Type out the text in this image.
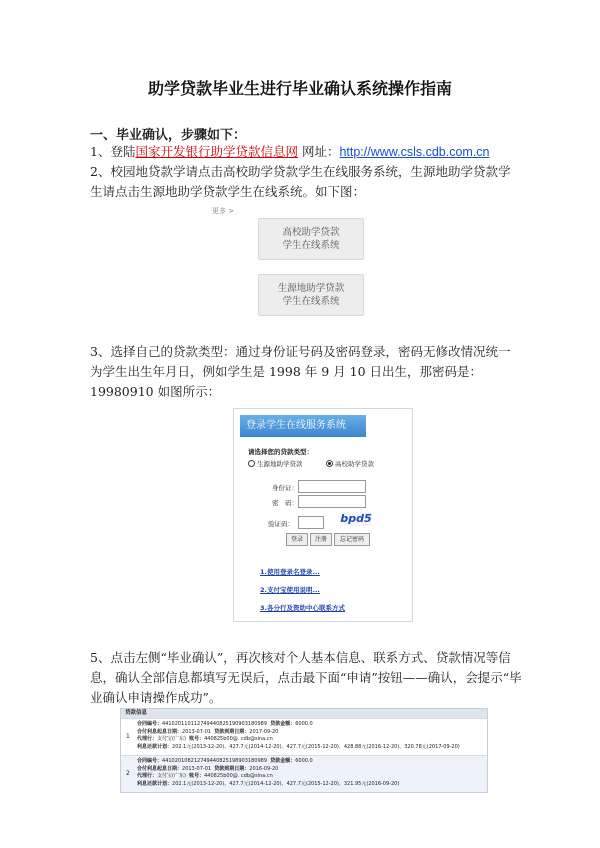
助学贷款毕业生进行毕业确认系统操作指南
一、毕业确认，步骤如下：
1、登陆国家开发银行助学贷款信息网 网址：http://www.csls.cdb.com.cn
2、校园地贷款学请点击高校助学贷款学生在线服务系统，生源地助学贷款学生请点击生源地助学贷款学生在线系统。如下图：
更多 >
高校助学贷款
学生在线系统
生源地助学贷款
学生在线系统
3、选择自己的贷款类型：通过身份证号码及密码登录，密码无修改情况统一为学生出生年月日，例如学生是 1998 年 9 月 10 日出生，那密码是：19980910 如图所示：
登录学生在线服务系统
请选择您的贷款类型：
生源地助学贷款	高校助学贷款
身份证：
密　码：
验证码：	bpd5
登录	注册	忘记密码
1.使用登录名登录...
2.支付宝使用说明...
3.各分行及资助中心联系方式
5、点击左侧“毕业确认”，再次核对个人基本信息、联系方式、贷款情况等信息，确认全部信息都填写无误后，点击最下面“申请”按钮——确认，会提示“毕业确认申请操作成功”。
贷款信息
1
合同编号：441020110112749440825190903180989 贷款金额：6000.0
合付利息起息日期：2013-07-01 贷款到期日期：2017-09-20
代理行：支付宝(广东) 账号：440825b00@. cdb@sina.cn
利息还款计划：202.1元(2013-12-20)、427.7元(2014-12-20)、427.7元(2015-12-20)、428.88元(2016-12-20)、320.78元(2017-09-20)
2
合同编号：441020108212749440825198903180989 贷款金额：6000.0
合付利息起息日期：2013-07-01 贷款到期日期：2016-09-20
代理行：支付宝(广东) 账号：440825b00@. cdb@sina.cn
利息还款计划：202.1元(2013-12-20)、427.7元(2014-12-20)、427.7元(2015-12-20)、321.95元(2016-09-20)
